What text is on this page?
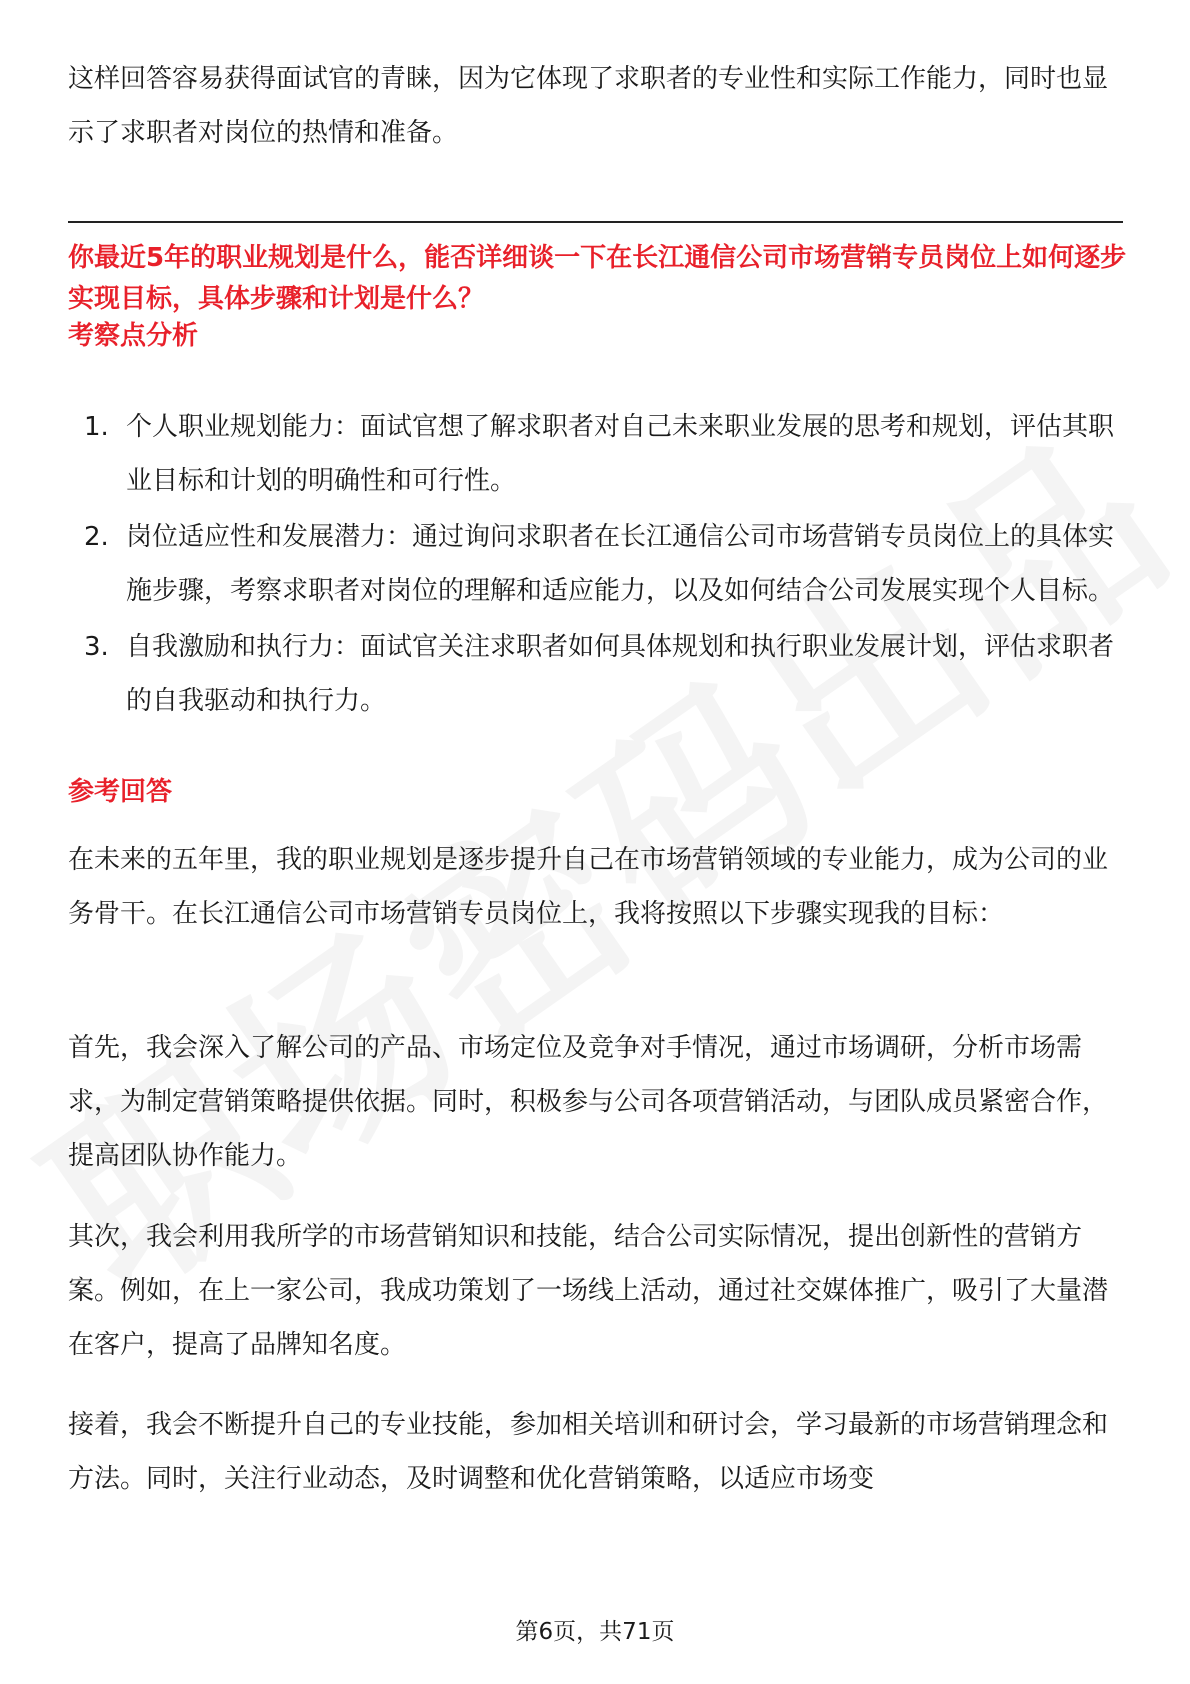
这样回答容易获得面试官的青睐，因为它体现了求职者的专业性和实际工作能力，同时也显示了求职者对岗位的热情和准备。

你最近5年的职业规划是什么，能否详细谈一下在长江通信公司市场营销专员岗位上如何逐步实现目标，具体步骤和计划是什么？

考察点分析
1. 个人职业规划能力：面试官想了解求职者对自己未来职业发展的思考和规划，评估其职业目标和计划的明确性和可行性。
2. 岗位适应性和发展潜力：通过询问求职者在长江通信公司市场营销专员岗位上的具体实施步骤，考察求职者对岗位的理解和适应能力，以及如何结合公司发展实现个人目标。
3. 自我激励和执行力：面试官关注求职者如何具体规划和执行职业发展计划，评估求职者的自我驱动和执行力。
参考回答

在未来的五年里，我的职业规划是逐步提升自己在市场营销领域的专业能力，成为公司的业务骨干。在长江通信公司市场营销专员岗位上，我将按照以下步骤实现我的目标：

首先，我会深入了解公司的产品、市场定位及竞争对手情况，通过市场调研，分析市场需求，为制定营销策略提供依据。同时，积极参与公司各项营销活动，与团队成员紧密合作，提高团队协作能力。

其次，我会利用我所学的市场营销知识和技能，结合公司实际情况，提出创新性的营销方案。例如，在上一家公司，我成功策划了一场线上活动，通过社交媒体推广，吸引了大量潜在客户，提高了品牌知名度。

接着，我会不断提升自己的专业技能，参加相关培训和研讨会，学习最新的市场营销理念和方法。同时，关注行业动态，及时调整和优化营销策略，以适应市场变

第6页，共71页
